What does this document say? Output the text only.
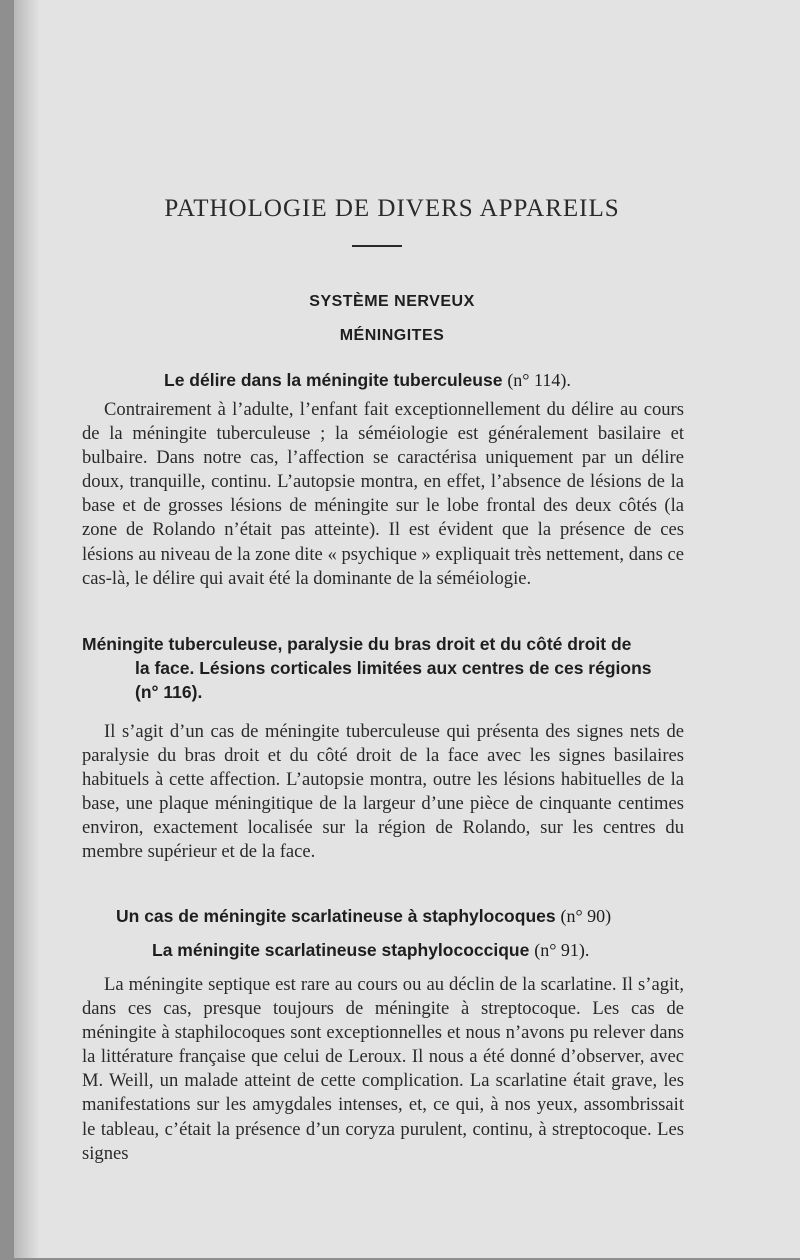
PATHOLOGIE DE DIVERS APPAREILS
SYSTÈME NERVEUX
MÉNINGITES
Le délire dans la méningite tuberculeuse (n° 114).

Contrairement à l’adulte, l’enfant fait exceptionnellement du délire au cours de la méningite tuberculeuse ; la séméiologie est généralement basilaire et bulbaire. Dans notre cas, l’affection se caractérisa uniquement par un délire doux, tranquille, continu. L’autopsie montra, en effet, l’absence de lésions de la base et de grosses lésions de méningite sur le lobe frontal des deux côtés (la zone de Rolando n’était pas atteinte). Il est évident que la présence de ces lésions au niveau de la zone dite « psychique » expliquait très nettement, dans ce cas-là, le délire qui avait été la dominante de la séméiologie.

Méningite tuberculeuse, paralysie du bras droit et du côté droit de
la face. Lésions corticales limitées aux centres de ces régions
(n° 116).

Il s’agit d’un cas de méningite tuberculeuse qui présenta des signes nets de paralysie du bras droit et du côté droit de la face avec les signes basilaires habituels à cette affection. L’autopsie montra, outre les lésions habituelles de la base, une plaque méningitique de la largeur d’une pièce de cinquante centimes environ, exactement localisée sur la région de Rolando, sur les centres du membre supérieur et de la face.

Un cas de méningite scarlatineuse à staphylocoques (n° 90)
La méningite scarlatineuse staphylococcique (n° 91).

La méningite septique est rare au cours ou au déclin de la scarlatine. Il s’agit, dans ces cas, presque toujours de méningite à streptocoque. Les cas de méningite à staphilocoques sont exceptionnelles et nous n’avons pu relever dans la littérature française que celui de Leroux. Il nous a été donné d’observer, avec M. Weill, un malade atteint de cette complication. La scarlatine était grave, les manifestations sur les amygdales intenses, et, ce qui, à nos yeux, assombrissait le tableau, c’était la présence d’un coryza purulent, continu, à streptocoque. Les signes
